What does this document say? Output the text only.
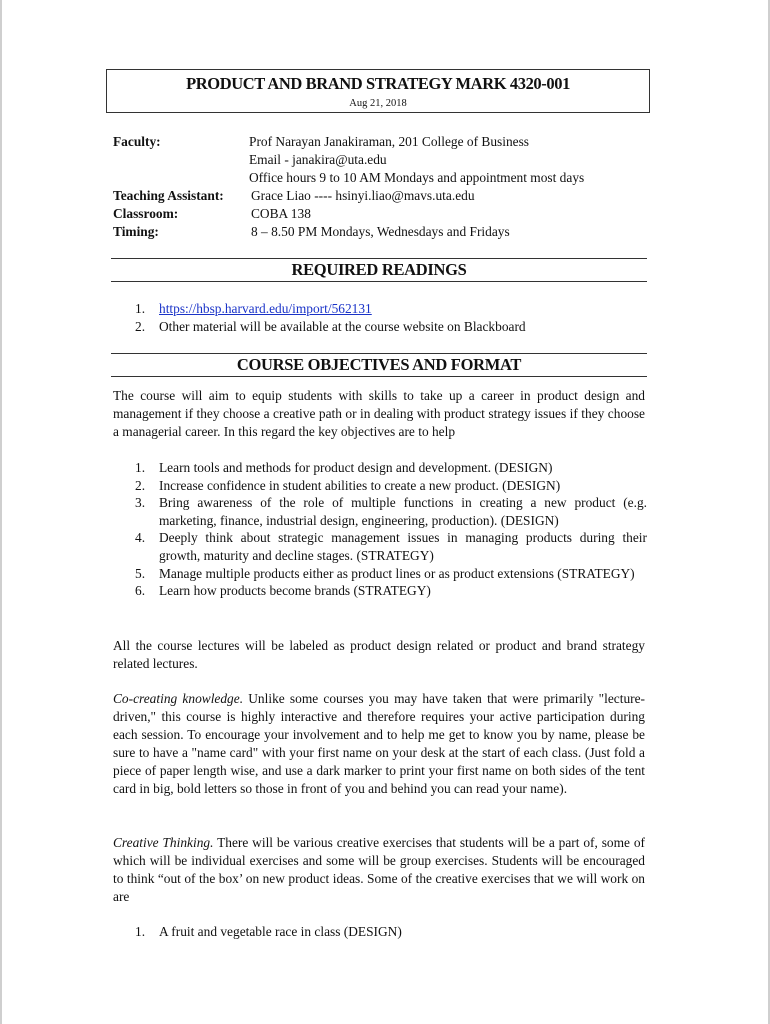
PRODUCT AND BRAND STRATEGY MARK 4320-001
Aug 21, 2018
Faculty:	Prof Narayan Janakiraman, 201 College of Business
Email - janakira@uta.edu
Office hours 9 to 10 AM Mondays and appointment most days
Teaching Assistant: Grace Liao ---- hsinyi.liao@mavs.uta.edu
Classroom:	COBA 138
Timing:	8 – 8.50 PM Mondays, Wednesdays and Fridays
REQUIRED READINGS
1. https://hbsp.harvard.edu/import/562131
2. Other material will be available at the course website on Blackboard
COURSE OBJECTIVES AND FORMAT

The course will aim to equip students with skills to take up a career in product design and management if they choose a creative path or in dealing with product strategy issues if they choose a managerial career. In this regard the key objectives are to help

1. Learn tools and methods for product design and development. (DESIGN)
2. Increase confidence in student abilities to create a new product. (DESIGN)
3. Bring awareness of the role of multiple functions in creating a new product (e.g. marketing, finance, industrial design, engineering, production). (DESIGN)
4. Deeply think about strategic management issues in managing products during their growth, maturity and decline stages. (STRATEGY)
5. Manage multiple products either as product lines or as product extensions (STRATEGY)
6. Learn how products become brands (STRATEGY)

All the course lectures will be labeled as product design related or product and brand strategy related lectures.

Co-creating knowledge. Unlike some courses you may have taken that were primarily "lecture-driven," this course is highly interactive and therefore requires your active participation during each session. To encourage your involvement and to help me get to know you by name, please be sure to have a "name card" with your first name on your desk at the start of each class. (Just fold a piece of paper length wise, and use a dark marker to print your first name on both sides of the tent card in big, bold letters so those in front of you and behind you can read your name).

Creative Thinking. There will be various creative exercises that students will be a part of, some of which will be individual exercises and some will be group exercises. Students will be encouraged to think “out of the box’ on new product ideas. Some of the creative exercises that we will work on are

1. A fruit and vegetable race in class (DESIGN)
